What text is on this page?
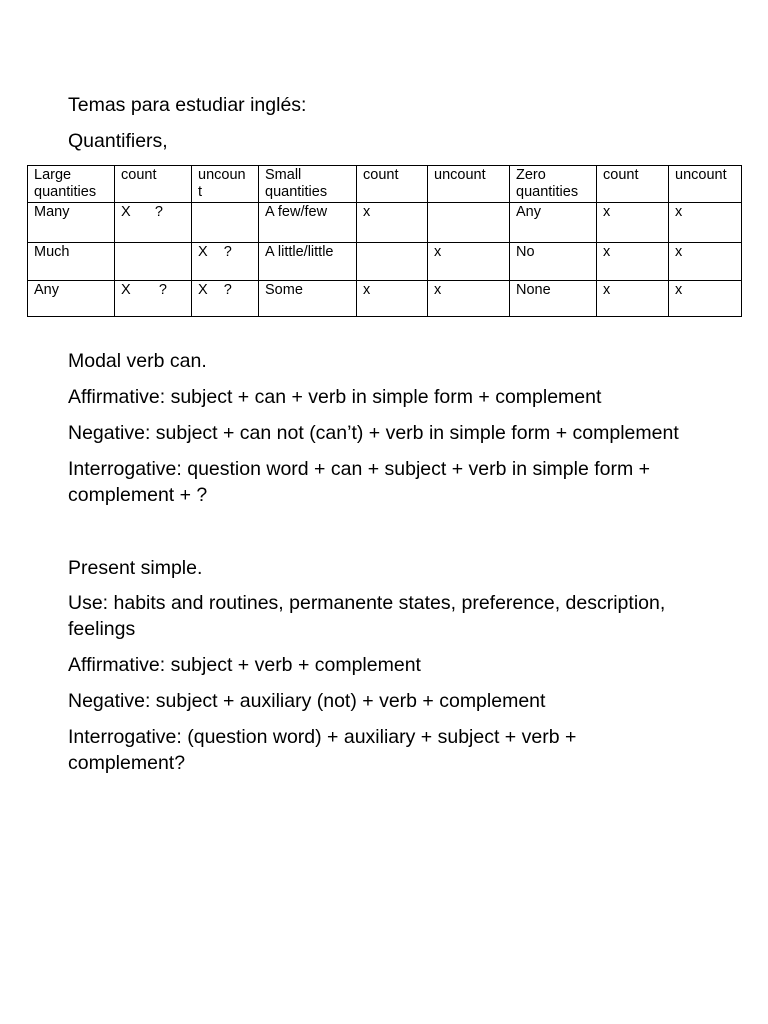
Temas para estudiar inglés:

Quantifiers,

Large quantities	count	uncoun t	Small quantities	count	uncount	Zero quantities	count	uncount
Many	X      ?		A few/few	x		Any	x	x
Much		X    ?	A little/little		x	No	x	x
Any	X       ?	X    ?	Some	x	x	None	x	x

Modal verb can.

Affirmative: subject + can + verb in simple form + complement

Negative: subject + can not (can’t) + verb in simple form + complement

Interrogative: question word + can + subject + verb in simple form + complement + ?

Present simple.

Use: habits and routines, permanente states, preference, description, feelings

Affirmative: subject + verb + complement

Negative: subject + auxiliary (not) + verb + complement

Interrogative: (question word) + auxiliary + subject + verb + complement?
